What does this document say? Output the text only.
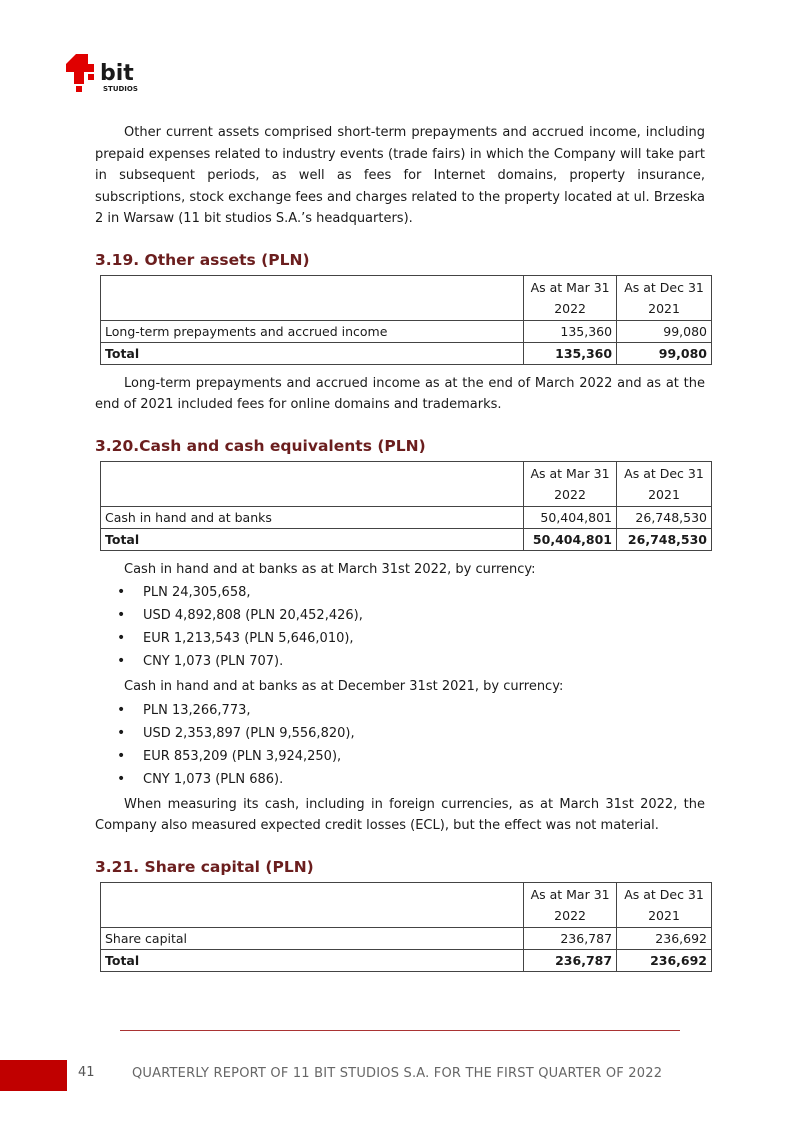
bit
STUDIOS

Other current assets comprised short-term prepayments and accrued income, including prepaid expenses related to industry events (trade fairs) in which the Company will take part in subsequent periods, as well as fees for Internet domains, property insurance, subscriptions, stock exchange fees and charges related to the property located at ul. Brzeska 2 in Warsaw (11 bit studios S.A.’s headquarters).

3.19. Other assets (PLN)
	As at Mar 31 2022	As at Dec 31 2021
Long-term prepayments and accrued income	135,360	99,080
Total	135,360	99,080

Long-term prepayments and accrued income as at the end of March 2022 and as at the end of 2021 included fees for online domains and trademarks.

3.20.Cash and cash equivalents (PLN)
	As at Mar 31 2022	As at Dec 31 2021
Cash in hand and at banks	50,404,801	26,748,530
Total	50,404,801	26,748,530

Cash in hand and at banks as at March 31st 2022, by currency:

• PLN 24,305,658,
• USD 4,892,808 (PLN 20,452,426),
• EUR 1,213,543 (PLN 5,646,010),
• CNY 1,073 (PLN 707).

Cash in hand and at banks as at December 31st 2021, by currency:

• PLN 13,266,773,
• USD 2,353,897 (PLN 9,556,820),
• EUR 853,209 (PLN 3,924,250),
• CNY 1,073 (PLN 686).

When measuring its cash, including in foreign currencies, as at March 31st 2022, the Company also measured expected credit losses (ECL), but the effect was not material.

3.21. Share capital (PLN)
	As at Mar 31 2022	As at Dec 31 2021
Share capital	236,787	236,692
Total	236,787	236,692
41	QUARTERLY REPORT OF 11 BIT STUDIOS S.A. FOR THE FIRST QUARTER OF 2022
